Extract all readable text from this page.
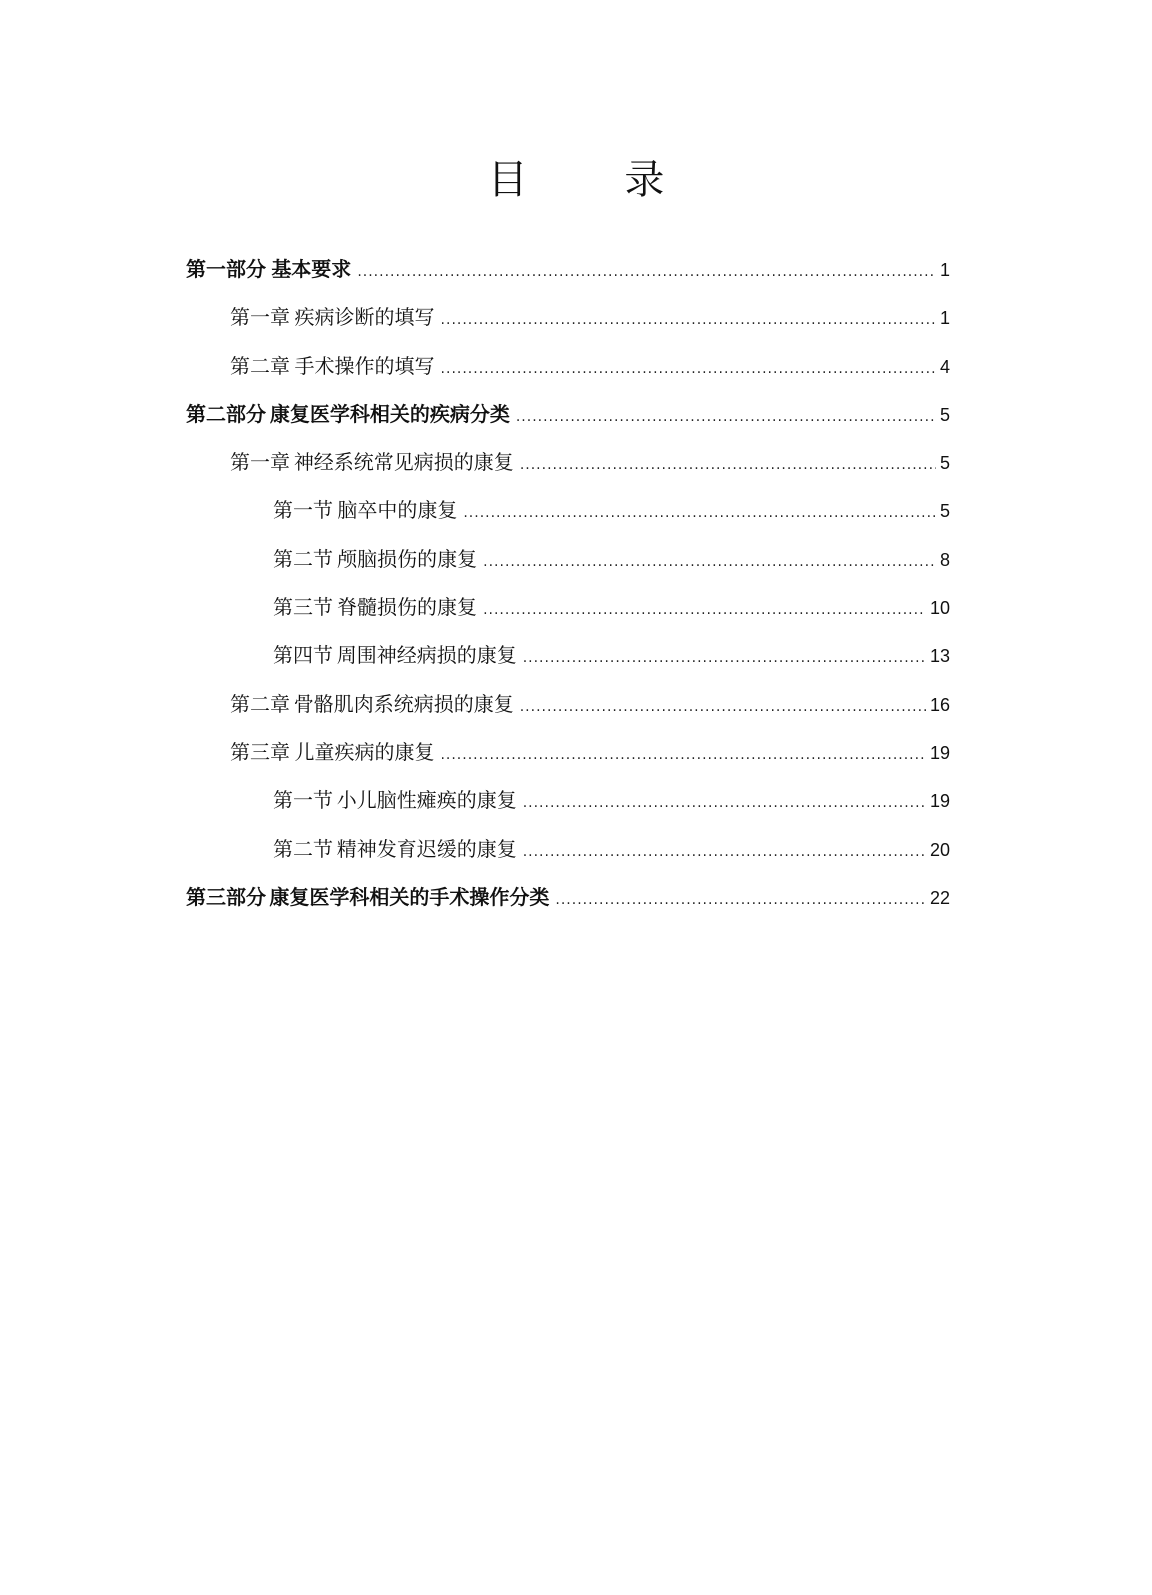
目 录
第一部分 基本要求 .....	1
第一章 疾病诊断的填写 .....	1
第二章 手术操作的填写 .....	4
第二部分 康复医学科相关的疾病分类 .....	5
第一章 神经系统常见病损的康复 .....	5
第一节 脑卒中的康复 .....	5
第二节 颅脑损伤的康复 .....	8
第三节 脊髓损伤的康复 .....	10
第四节 周围神经病损的康复 .....	13
第二章 骨骼肌肉系统病损的康复 .....	16
第三章 儿童疾病的康复 .....	19
第一节 小儿脑性瘫痪的康复 .....	19
第二节 精神发育迟缓的康复 .....	20
第三部分 康复医学科相关的手术操作分类 .....	22
